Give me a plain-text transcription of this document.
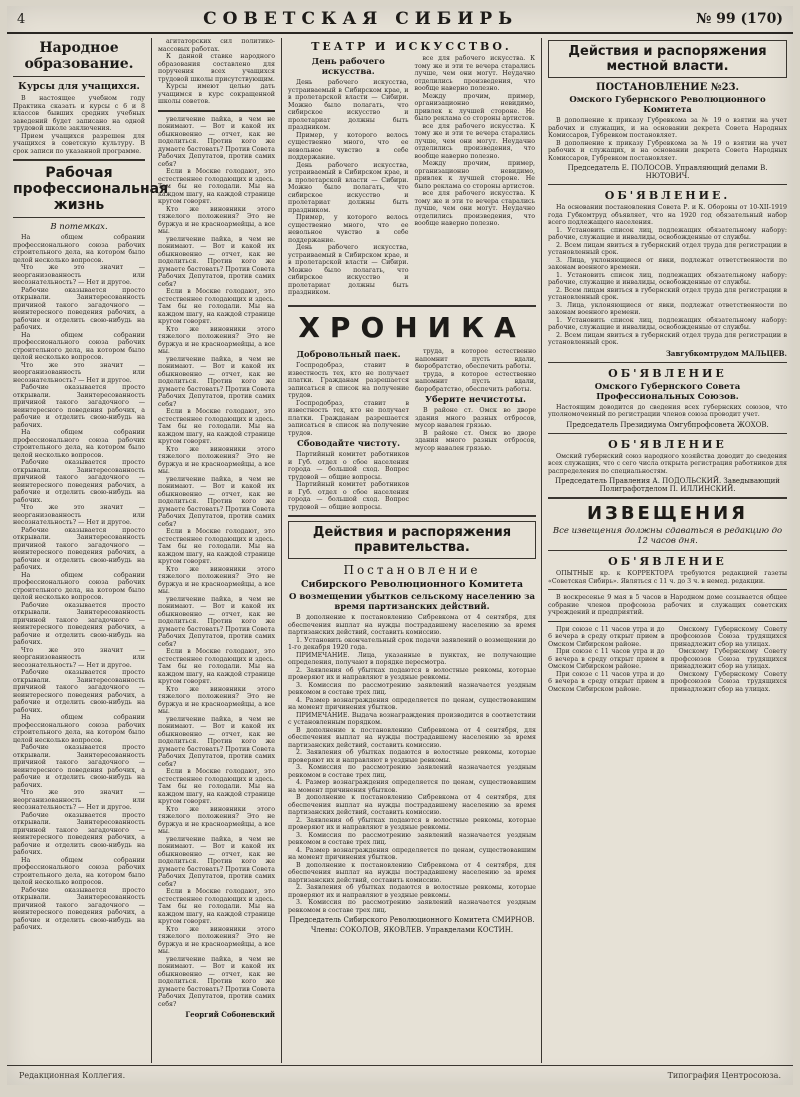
4	СОВЕТСКАЯ СИБИРЬ	№ 99 (170)
Народное образование.
Курсы для учащихся.

В настоящее учебном году Практика сказать и курсы с 6 и 8 классов бывших средних учебных заведений будет записано на одной трудовой школе заключения.

Прием учащихся разрешен для учащихся в советскую культуру. В срок записи по указанной программе.

Рабочая профессиональная жизнь
В потемках.

На общем собрании профессионального союза рабочих строительного дела, на котором было целой несколько вопросов.

Что же это значит — неорганизованность или несознательность? — Нет и другое.

Рабочие оказывается просто открывали. Заинтересованность причиной такого загадочного — неинтересного поведения рабочих, а рабочие и отделить свою-нибудь на рабочих.

На общем собрании профессионального союза рабочих строительного дела, на котором было целой несколько вопросов.

Что же это значит — неорганизованность или несознательность? — Нет и другое.

Рабочие оказывается просто открывали. Заинтересованность причиной такого загадочного — неинтересного поведения рабочих, а рабочие и отделить свою-нибудь на рабочих.

На общем собрании профессионального союза рабочих строительного дела, на котором было целой несколько вопросов.

Рабочие оказывается просто открывали. Заинтересованность причиной такого загадочного — неинтересного поведения рабочих, а рабочие и отделить свою-нибудь на рабочих.

Что же это значит — неорганизованность или несознательность? — Нет и другое.

Рабочие оказывается просто открывали. Заинтересованность причиной такого загадочного — неинтересного поведения рабочих, а рабочие и отделить свою-нибудь на рабочих.

На общем собрании профессионального союза рабочих строительного дела, на котором было целой несколько вопросов.

Рабочие оказывается просто открывали. Заинтересованность причиной такого загадочного — неинтересного поведения рабочих, а рабочие и отделить свою-нибудь на рабочих.

Что же это значит — неорганизованность или несознательность? — Нет и другое.

Рабочие оказывается просто открывали. Заинтересованность причиной такого загадочного — неинтересного поведения рабочих, а рабочие и отделить свою-нибудь на рабочих.

На общем собрании профессионального союза рабочих строительного дела, на котором было целой несколько вопросов.

Рабочие оказывается просто открывали. Заинтересованность причиной такого загадочного — неинтересного поведения рабочих, а рабочие и отделить свою-нибудь на рабочих.

Что же это значит — неорганизованность или несознательность? — Нет и другое.

Рабочие оказывается просто открывали. Заинтересованность причиной такого загадочного — неинтересного поведения рабочих, а рабочие и отделить свою-нибудь на рабочих.

На общем собрании профессионального союза рабочих строительного дела, на котором было целой несколько вопросов.

Рабочие оказывается просто открывали. Заинтересованность причиной такого загадочного — неинтересного поведения рабочих, а рабочие и отделить свою-нибудь на рабочих.

агитаторских сил политико-массовых работах.

К данной ставке народного образования составлено для поручения всех учащихся трудовой школы присутствующим.

Курсы имеют целью дать учащимся в курс сокращенной школы советов.

увеличение пайка, в чем не понимают. — Вот и какой их обыкновенно — отчет, как не поделиться. Против кого же думаете бастовать? Против Совета Рабочих Депутатов, против самих себя?

Если в Москве голодают, это естественнее голодающих и здесь. Там бы не голодали. Мы на каждом шагу, на каждой странице кругом говорят.

Кто же виновники этого тяжелого положения? Это не буржуа и не красноармейцы, а все мы.

увеличение пайка, в чем не понимают. — Вот и какой их обыкновенно — отчет, как не поделиться. Против кого же думаете бастовать? Против Совета Рабочих Депутатов, против самих себя?

Если в Москве голодают, это естественнее голодающих и здесь. Там бы не голодали. Мы на каждом шагу, на каждой странице кругом говорят.

Кто же виновники этого тяжелого положения? Это не буржуа и не красноармейцы, а все мы.

увеличение пайка, в чем не понимают. — Вот и какой их обыкновенно — отчет, как не поделиться. Против кого же думаете бастовать? Против Совета Рабочих Депутатов, против самих себя?

Если в Москве голодают, это естественнее голодающих и здесь. Там бы не голодали. Мы на каждом шагу, на каждой странице кругом говорят.

Кто же виновники этого тяжелого положения? Это не буржуа и не красноармейцы, а все мы.

увеличение пайка, в чем не понимают. — Вот и какой их обыкновенно — отчет, как не поделиться. Против кого же думаете бастовать? Против Совета Рабочих Депутатов, против самих себя?

Если в Москве голодают, это естественнее голодающих и здесь. Там бы не голодали. Мы на каждом шагу, на каждой странице кругом говорят.

Кто же виновники этого тяжелого положения? Это не буржуа и не красноармейцы, а все мы.

увеличение пайка, в чем не понимают. — Вот и какой их обыкновенно — отчет, как не поделиться. Против кого же думаете бастовать? Против Совета Рабочих Депутатов, против самих себя?

Если в Москве голодают, это естественнее голодающих и здесь. Там бы не голодали. Мы на каждом шагу, на каждой странице кругом говорят.

Кто же виновники этого тяжелого положения? Это не буржуа и не красноармейцы, а все мы.

увеличение пайка, в чем не понимают. — Вот и какой их обыкновенно — отчет, как не поделиться. Против кого же думаете бастовать? Против Совета Рабочих Депутатов, против самих себя?

Если в Москве голодают, это естественнее голодающих и здесь. Там бы не голодали. Мы на каждом шагу, на каждой странице кругом говорят.

Кто же виновники этого тяжелого положения? Это не буржуа и не красноармейцы, а все мы.

увеличение пайка, в чем не понимают. — Вот и какой их обыкновенно — отчет, как не поделиться. Против кого же думаете бастовать? Против Совета Рабочих Депутатов, против самих себя?

Если в Москве голодают, это естественнее голодающих и здесь. Там бы не голодали. Мы на каждом шагу, на каждой странице кругом говорят.

Кто же виновники этого тяжелого положения? Это не буржуа и не красноармейцы, а все мы.

увеличение пайка, в чем не понимают. — Вот и какой их обыкновенно — отчет, как не поделиться. Против кого же думаете бастовать? Против Совета Рабочих Депутатов, против самих себя?

Георгий Собоневский
ТЕАТР И ИСКУССТВО.
День рабочего искусства.

День рабочего искусства, устраиваемый в Сибирском крае, и в пролетарской власти — Сибири. Можно было полагать, что сибирское искусство и пролетариат должны быть праздником.

Пример, у которого велось существенно много, что ее невольное чувство в себе поддержание.

День рабочего искусства, устраиваемый в Сибирском крае, и в пролетарской власти — Сибири. Можно было полагать, что сибирское искусство и пролетариат должны быть праздником.

Пример, у которого велось существенно много, что ее невольное чувство в себе поддержание.

День рабочего искусства, устраиваемый в Сибирском крае, и в пролетарской власти — Сибири. Можно было полагать, что сибирское искусство и пролетариат должны быть праздником.

все для рабочего искусства. К тому же и эти те вечера старались лучше, чем они могут. Неудачно отделились произведения, что вообще наверно полезно.

Между прочим, пример, организационно невидимо, привлек к лучшей стороне. Не было реклама со стороны артистов.

все для рабочего искусства. К тому же и эти те вечера старались лучше, чем они могут. Неудачно отделились произведения, что вообще наверно полезно.

Между прочим, пример, организационно невидимо, привлек к лучшей стороне. Не было реклама со стороны артистов.

все для рабочего искусства. К тому же и эти те вечера старались лучше, чем они могут. Неудачно отделились произведения, что вообще наверно полезно.

ХРОНИКА
Добровольный паек.

Госпродобраз, ставит в известность тех, кто не получает платки. Гражданам разрешается записаться в список на получение трудов.

Госпродобраз, ставит в известность тех, кто не получает платки. Гражданам разрешается записаться в список на получение трудов.

Сбоводайте чистоту.

Партийный комитет работников и Губ. отдел о сбое населения города — большой сход. Вопрос трудовой — общие вопросы.

Партийный комитет работников и Губ. отдел о сбое населения города — большой сход. Вопрос трудовой — общие вопросы.

труда, в которое естественно напомнит пусть вдали, бюробратство, обеспечить работы.

труда, в которое естественно напомнит пусть вдали, бюробратство, обеспечить работы.

Уберите нечистоты.

В районе ст. Омск во дворе здания много разных отбросов, мусор навален грязью.

В районе ст. Омск во дворе здания много разных отбросов, мусор навален грязью.

Действия и распоряжения правительства.
Постановление
Сибирского Революционного Комитета
О возмещении убытков сельскому населению за время партизанских действий.

В дополнение к постановлению Сибревкома от 4 сентября, для обеспечения выплат на нужды пострадавшему населению за время партизанских действий, составить комиссию.

1. Установить окончательный срок подачи заявлений о возмещении до 1-го декабря 1920 года.

ПРИМЕЧАНИЕ. Лица, указанные в пунктах, не получающие определения, получают в порядке пересмотра.

2. Заявления об убытках подаются в волостные ревкомы, которые проверяют их и направляют в уездные ревкомы.

3. Комиссия по рассмотрению заявлений назначается уездным ревкомом в составе трех лиц.

4. Размер вознаграждения определяется по ценам, существовавшим на момент причинения убытков.

ПРИМЕЧАНИЕ. Выдача вознаграждения производится в соответствии с установленным порядком.

В дополнение к постановлению Сибревкома от 4 сентября, для обеспечения выплат на нужды пострадавшему населению за время партизанских действий, составить комиссию.

2. Заявления об убытках подаются в волостные ревкомы, которые проверяют их и направляют в уездные ревкомы.

3. Комиссия по рассмотрению заявлений назначается уездным ревкомом в составе трех лиц.

4. Размер вознаграждения определяется по ценам, существовавшим на момент причинения убытков.

В дополнение к постановлению Сибревкома от 4 сентября, для обеспечения выплат на нужды пострадавшему населению за время партизанских действий, составить комиссию.

2. Заявления об убытках подаются в волостные ревкомы, которые проверяют их и направляют в уездные ревкомы.

3. Комиссия по рассмотрению заявлений назначается уездным ревкомом в составе трех лиц.

4. Размер вознаграждения определяется по ценам, существовавшим на момент причинения убытков.

В дополнение к постановлению Сибревкома от 4 сентября, для обеспечения выплат на нужды пострадавшему населению за время партизанских действий, составить комиссию.

2. Заявления об убытках подаются в волостные ревкомы, которые проверяют их и направляют в уездные ревкомы.

3. Комиссия по рассмотрению заявлений назначается уездным ревкомом в составе трех лиц.

Председатель Сибирского Революционного Комитета СМИРНОВ.
Члены: СОКОЛОВ, ЯКОВЛЕВ. Управделами КОСТИН.
Действия и распоряжения местной власти.
ПОСТАНОВЛЕНИЕ №23.
Омского Губернского Революционного Комитета

В дополнение к приказу Губревкома за № 19 о взятии на учет рабочих и служащих, и на основании декрета Совета Народных Комиссаров, Губревком постановляет.

В дополнение к приказу Губревкома за № 19 о взятии на учет рабочих и служащих, и на основании декрета Совета Народных Комиссаров, Губревком постановляет.

Председатель Е. ПОЛОСОВ. Управляющий делами В. НЮТОВИЧ.
ОБ'ЯВЛЕНИЕ.

На основании постановления Совета Р. и К. Обороны от 10-XII-1919 года Губкомтруд объявляет, что на 1920 год обязательный набор всего подлежащего населения.

1. Установить список лиц, подлежащих обязательному набору: рабочие, служащие и инвалиды, освобожденные от службы.

2. Всем лицам явиться в губернский отдел труда для регистрации в установленный срок.

3. Лица, уклоняющиеся от явки, подлежат ответственности по законам военного времени.

1. Установить список лиц, подлежащих обязательному набору: рабочие, служащие и инвалиды, освобожденные от службы.

2. Всем лицам явиться в губернский отдел труда для регистрации в установленный срок.

3. Лица, уклоняющиеся от явки, подлежат ответственности по законам военного времени.

1. Установить список лиц, подлежащих обязательному набору: рабочие, служащие и инвалиды, освобожденные от службы.

2. Всем лицам явиться в губернский отдел труда для регистрации в установленный срок.

Завгубкомтрудом МАЛЬЦЕВ.
ОБ'ЯВЛЕНИЕ
Омского Губернского Совета Профессиональных Союзов.

Настоящим доводится до сведения всех губернских союзов, что уполномоченный по регистрации членов союза проводит учет.

Председатель Президиума Омгубпрофсовета ЖОХОВ.
ОБ'ЯВЛЕНИЕ

Омский губернский союз народного хозяйства доводит до сведения всех служащих, что с сего числа открыта регистрация работников для распределения по специальностям.

Председатель Правления А. ПОДОЛЬСКИЙ. Заведывающий Полиграфотделом П. ИЛЛИНСКИЙ.
ИЗВЕЩЕНИЯ
Все извещения должны сдаваться в редакцию до 12 часов дня.
ОБ'ЯВЛЕНИЕ

ОПЫТНЫЕ кр. к КОРРЕКТОРА требуются редакцией газеты «Советская Сибирь». Являться с 11 ч. до 3 ч. в немед. редакции.

В воскресенье 9 мая в 5 часов в Народном доме созывается общее собрание членов профсоюза рабочих и служащих советских учреждений и предприятий.

При союзе с 11 часов утра и до 6 вечера в среду открыт прием в Омском Сибирском районе.

При союзе с 11 часов утра и до 6 вечера в среду открыт прием в Омском Сибирском районе.

При союзе с 11 часов утра и до 6 вечера в среду открыт прием в Омском Сибирском районе.

Омскому Губернскому Совету профсоюзов Союза трудящихся принадлежит сбор на улицах.

Омскому Губернскому Совету профсоюзов Союза трудящихся принадлежит сбор на улицах.

Омскому Губернскому Совету профсоюзов Союза трудящихся принадлежит сбор на улицах.

Редакционная Коллегия.	Типография Центросоюза.
